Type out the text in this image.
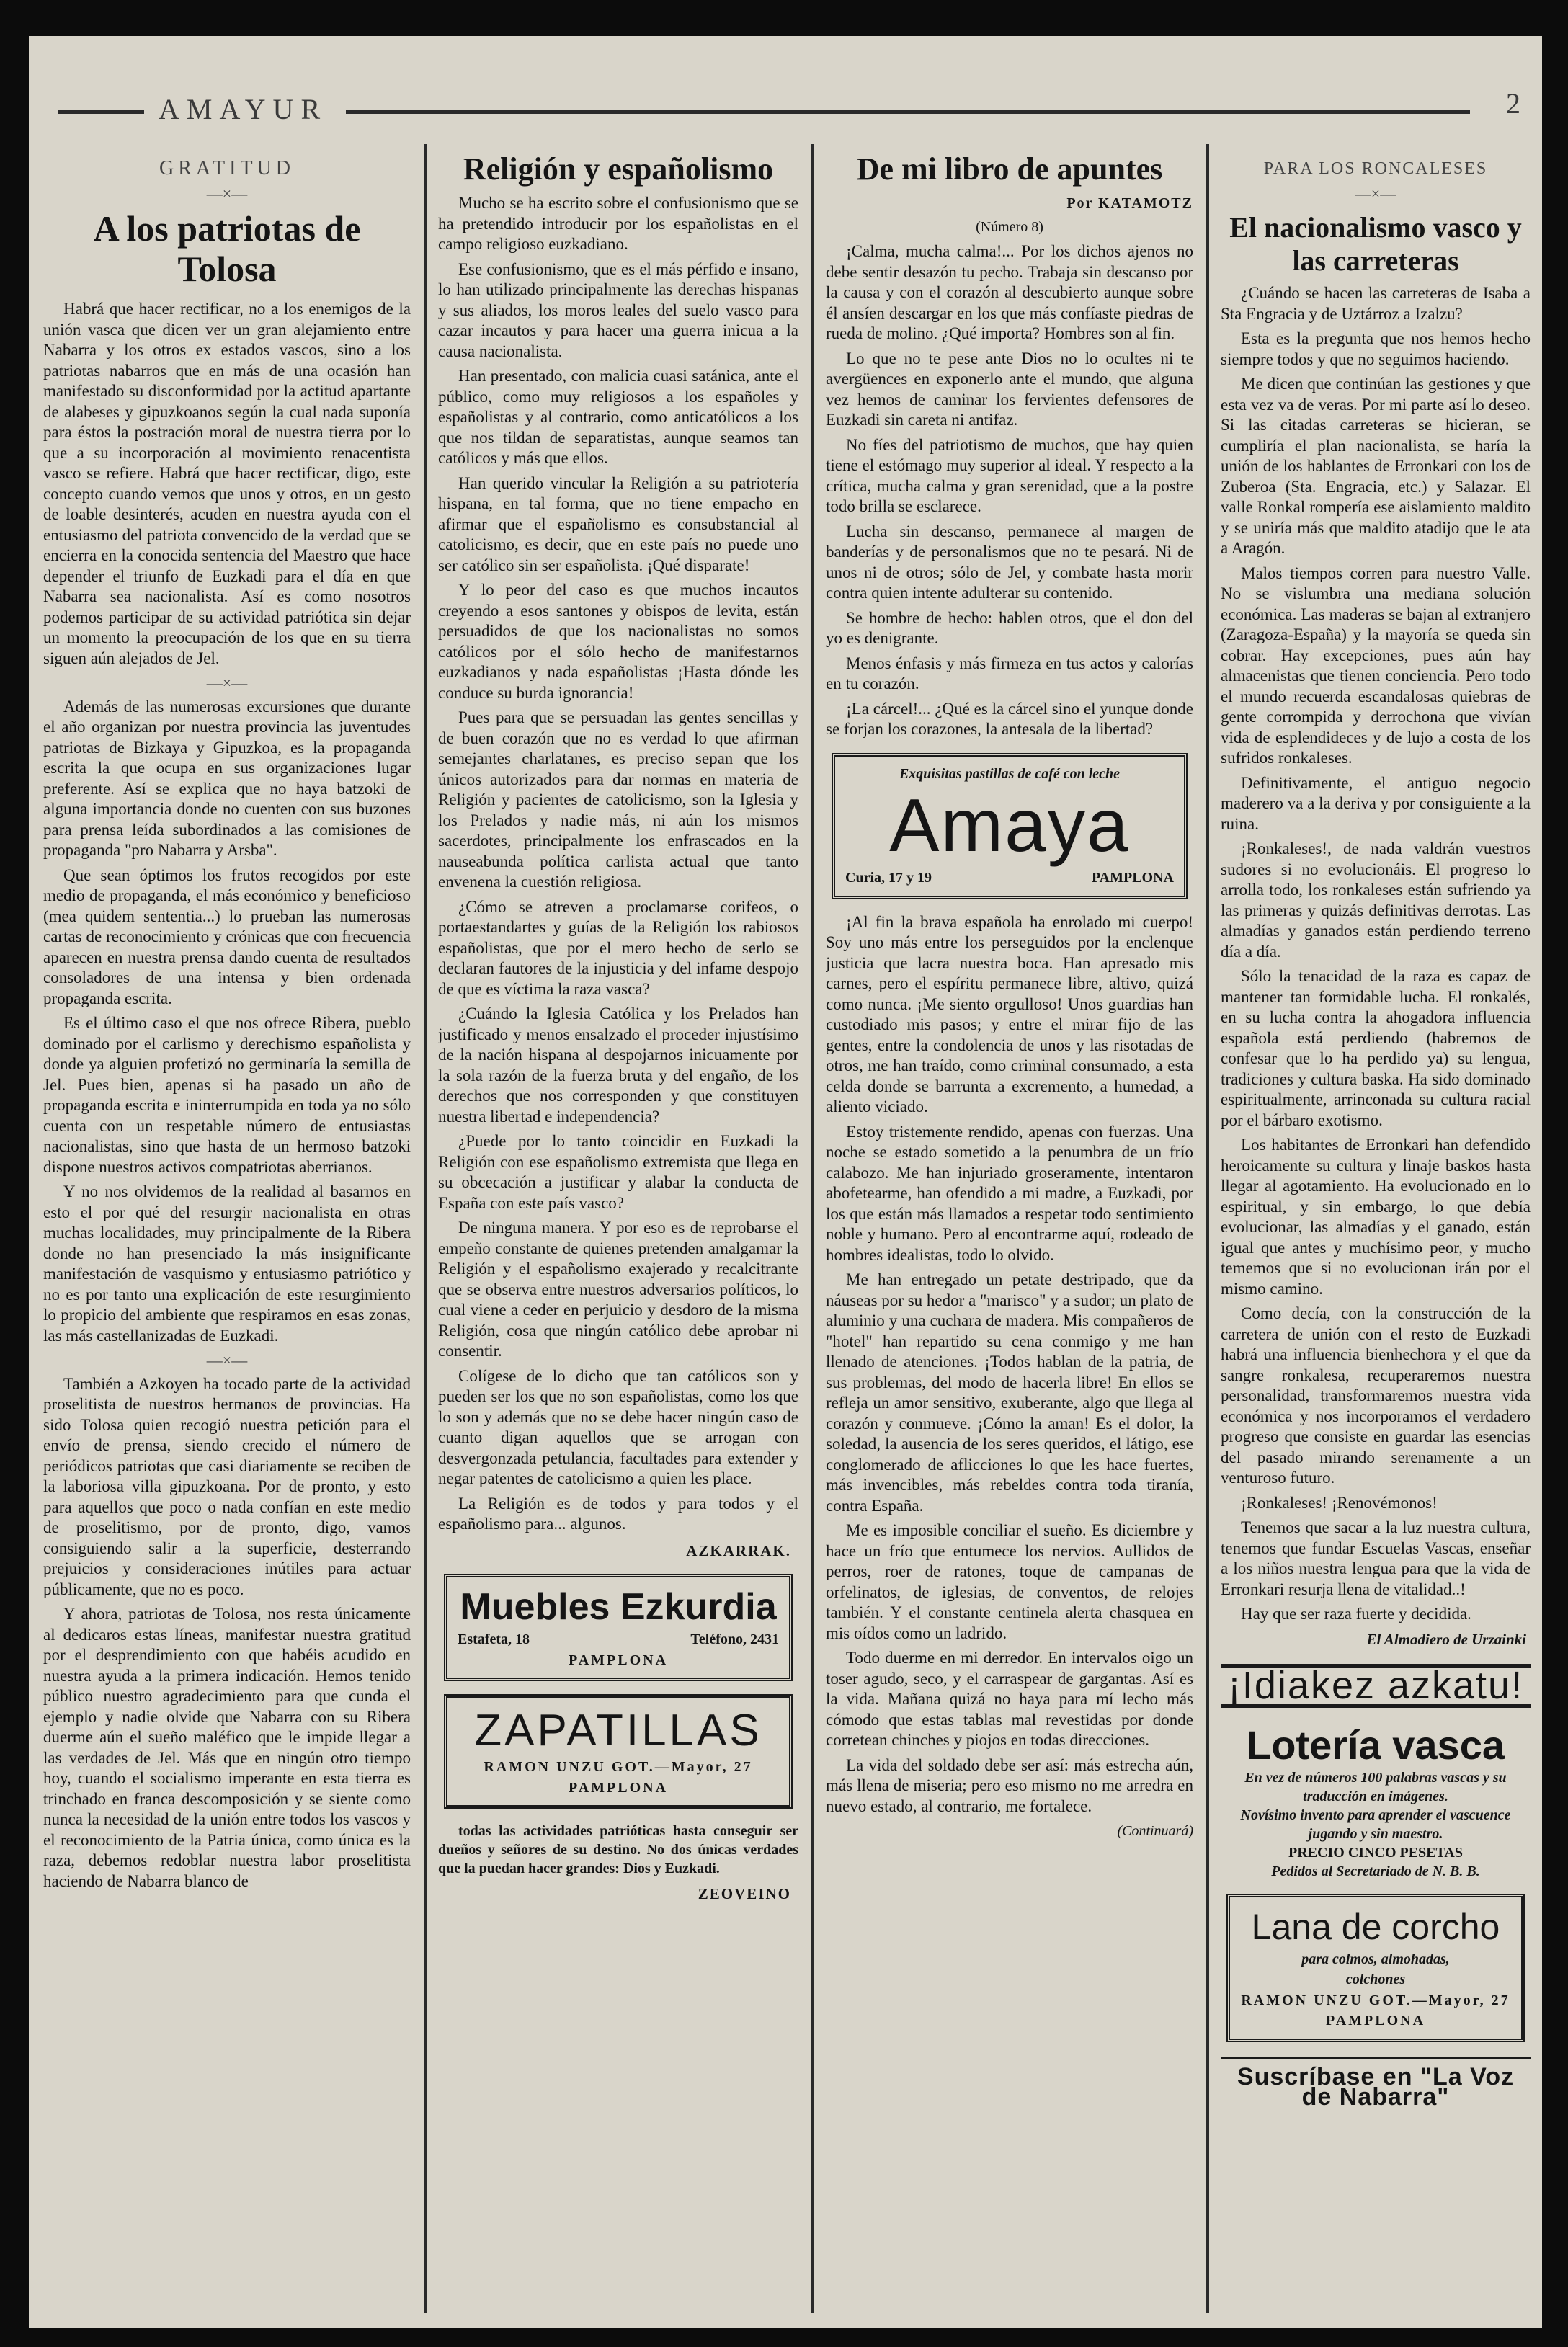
AMAYUR	2
GRATITUD
—×—
A los patriotas de Tolosa

Habrá que hacer rectificar, no a los enemigos de la unión vasca que dicen ver un gran alejamiento entre Nabarra y los otros ex estados vascos, sino a los patriotas nabarros que en más de una ocasión han manifestado su disconformidad por la actitud apartante de alabeses y gipuzkoanos según la cual nada suponía para éstos la postración moral de nuestra tierra por lo que a su incorporación al movimiento renacentista vasco se refiere. Habrá que hacer rectificar, digo, este concepto cuando vemos que unos y otros, en un gesto de loable desinterés, acuden en nuestra ayuda con el entusiasmo del patriota convencido de la verdad que se encierra en la conocida sentencia del Maestro que hace depender el triunfo de Euzkadi para el día en que Nabarra sea nacionalista. Así es como nosotros podemos participar de su actividad patriótica sin dejar un momento la preocupación de los que en su tierra siguen aún alejados de Jel.

—×—

Además de las numerosas excursiones que durante el año organizan por nuestra provincia las juventudes patriotas de Bizkaya y Gipuzkoa, es la propaganda escrita la que ocupa en sus organizaciones lugar preferente. Así se explica que no haya batzoki de alguna importancia donde no cuenten con sus buzones para prensa leída subordinados a las comisiones de propaganda "pro Nabarra y Arsba".

Que sean óptimos los frutos recogidos por este medio de propaganda, el más económico y beneficioso (mea quidem sententia...) lo prueban las numerosas cartas de reconocimiento y crónicas que con frecuencia aparecen en nuestra prensa dando cuenta de resultados consoladores de una intensa y bien ordenada propaganda escrita.

Es el último caso el que nos ofrece Ribera, pueblo dominado por el carlismo y derechismo españolista y donde ya alguien profetizó no germinaría la semilla de Jel. Pues bien, apenas si ha pasado un año de propaganda escrita e ininterrumpida en toda ya no sólo cuenta con un respetable número de entusiastas nacionalistas, sino que hasta de un hermoso batzoki dispone nuestros activos compatriotas aberrianos.

Y no nos olvidemos de la realidad al basarnos en esto el por qué del resurgir nacionalista en otras muchas localidades, muy principalmente de la Ribera donde no han presenciado la más insignificante manifestación de vasquismo y entusiasmo patriótico y no es por tanto una explicación de este resurgimiento lo propicio del ambiente que respiramos en esas zonas, las más castellanizadas de Euzkadi.

—×—

También a Azkoyen ha tocado parte de la actividad proselitista de nuestros hermanos de provincias. Ha sido Tolosa quien recogió nuestra petición para el envío de prensa, siendo crecido el número de periódicos patriotas que casi diariamente se reciben de la laboriosa villa gipuzkoana. Por de pronto, y esto para aquellos que poco o nada confían en este medio de proselitismo, por de pronto, digo, vamos consiguiendo salir a la superficie, desterrando prejuicios y consideraciones inútiles para actuar públicamente, que no es poco.

Y ahora, patriotas de Tolosa, nos resta únicamente al dedicaros estas líneas, manifestar nuestra gratitud por el desprendimiento con que habéis acudido en nuestra ayuda a la primera indicación. Hemos tenido público nuestro agradecimiento para que cunda el ejemplo y nadie olvide que Nabarra con su Ribera duerme aún el sueño maléfico que le impide llegar a las verdades de Jel. Más que en ningún otro tiempo hoy, cuando el socialismo imperante en esta tierra es trinchado en franca descomposición y se siente como nunca la necesidad de la unión entre todos los vascos y el reconocimiento de la Patria única, como única es la raza, debemos redoblar nuestra labor proselitista haciendo de Nabarra blanco de

Religión y españolismo

Mucho se ha escrito sobre el confusionismo que se ha pretendido introducir por los españolistas en el campo religioso euzkadiano.

Ese confusionismo, que es el más pérfido e insano, lo han utilizado principalmente las derechas hispanas y sus aliados, los moros leales del suelo vasco para cazar incautos y para hacer una guerra inicua a la causa nacionalista.

Han presentado, con malicia cuasi satánica, ante el público, como muy religiosos a los españoles y españolistas y al contrario, como anticatólicos a los que nos tildan de separatistas, aunque seamos tan católicos y más que ellos.

Han querido vincular la Religión a su patriotería hispana, en tal forma, que no tiene empacho en afirmar que el españolismo es consubstancial al catolicismo, es decir, que en este país no puede uno ser católico sin ser españolista. ¡Qué disparate!

Y lo peor del caso es que muchos incautos creyendo a esos santones y obispos de levita, están persuadidos de que los nacionalistas no somos católicos por el sólo hecho de manifestarnos euzkadianos y nada españolistas ¡Hasta dónde les conduce su burda ignorancia!

Pues para que se persuadan las gentes sencillas y de buen corazón que no es verdad lo que afirman semejantes charlatanes, es preciso sepan que los únicos autorizados para dar normas en materia de Religión y pacientes de catolicismo, son la Iglesia y los Prelados y nadie más, ni aún los mismos sacerdotes, principalmente los enfrascados en la nauseabunda política carlista actual que tanto envenena la cuestión religiosa.

¿Cómo se atreven a proclamarse corifeos, o portaestandartes y guías de la Religión los rabiosos españolistas, que por el mero hecho de serlo se declaran fautores de la injusticia y del infame despojo de que es víctima la raza vasca?

¿Cuándo la Iglesia Católica y los Prelados han justificado y menos ensalzado el proceder injustísimo de la nación hispana al despojarnos inicuamente por la sola razón de la fuerza bruta y del engaño, de los derechos que nos corresponden y que constituyen nuestra libertad e independencia?

¿Puede por lo tanto coincidir en Euzkadi la Religión con ese españolismo extremista que llega en su obcecación a justificar y alabar la conducta de España con este país vasco?

De ninguna manera. Y por eso es de reprobarse el empeño constante de quienes pretenden amalgamar la Religión y el españolismo exajerado y recalcitrante que se observa entre nuestros adversarios políticos, lo cual viene a ceder en perjuicio y desdoro de la misma Religión, cosa que ningún católico debe aprobar ni consentir.

Colígese de lo dicho que tan católicos son y pueden ser los que no son españolistas, como los que lo son y además que no se debe hacer ningún caso de cuanto digan aquellos que se arrogan con desvergonzada petulancia, facultades para extender y negar patentes de catolicismo a quien les place.

La Religión es de todos y para todos y el españolismo para... algunos.

AZKARRAK.
Muebles Ezkurdia
Estafeta, 18	Teléfono, 2431
PAMPLONA
ZAPATILLAS
RAMON UNZU GOT.—Mayor, 27
PAMPLONA

todas las actividades patrióticas hasta conseguir ser dueños y señores de su destino. No dos únicas verdades que la puedan hacer grandes: Dios y Euzkadi.

ZEOVEINO
De mi libro de apuntes
Por KATAMOTZ
(Número 8)

¡Calma, mucha calma!... Por los dichos ajenos no debe sentir desazón tu pecho. Trabaja sin descanso por la causa y con el corazón al descubierto aunque sobre él ansíen descargar en los que más confíaste piedras de rueda de molino. ¿Qué importa? Hombres son al fin.

Lo que no te pese ante Dios no lo ocultes ni te avergüences en exponerlo ante el mundo, que alguna vez hemos de caminar los fervientes defensores de Euzkadi sin careta ni antifaz.

No fíes del patriotismo de muchos, que hay quien tiene el estómago muy superior al ideal. Y respecto a la crítica, mucha calma y gran serenidad, que a la postre todo brilla se esclarece.

Lucha sin descanso, permanece al margen de banderías y de personalismos que no te pesará. Ni de unos ni de otros; sólo de Jel, y combate hasta morir contra quien intente adulterar su contenido.

Se hombre de hecho: hablen otros, que el don del yo es denigrante.

Menos énfasis y más firmeza en tus actos y calorías en tu corazón.

¡La cárcel!... ¿Qué es la cárcel sino el yunque donde se forjan los corazones, la antesala de la libertad?

Exquisitas pastillas de café con leche
Amaya
Curia, 17 y 19	PAMPLONA

¡Al fin la brava española ha enrolado mi cuerpo! Soy uno más entre los perseguidos por la enclenque justicia que lacra nuestra boca. Han apresado mis carnes, pero el espíritu permanece libre, altivo, quizá como nunca. ¡Me siento orgulloso! Unos guardias han custodiado mis pasos; y entre el mirar fijo de las gentes, entre la condolencia de unos y las risotadas de otros, me han traído, como criminal consumado, a esta celda donde se barrunta a excremento, a humedad, a aliento viciado.

Estoy tristemente rendido, apenas con fuerzas. Una noche se estado sometido a la penumbra de un frío calabozo. Me han injuriado groseramente, intentaron abofetearme, han ofendido a mi madre, a Euzkadi, por los que están más llamados a respetar todo sentimiento noble y humano. Pero al encontrarme aquí, rodeado de hombres idealistas, todo lo olvido.

Me han entregado un petate destripado, que da náuseas por su hedor a "marisco" y a sudor; un plato de aluminio y una cuchara de madera. Mis compañeros de "hotel" han repartido su cena conmigo y me han llenado de atenciones. ¡Todos hablan de la patria, de sus problemas, del modo de hacerla libre! En ellos se refleja un amor sensitivo, exuberante, algo que llega al corazón y conmueve. ¡Cómo la aman! Es el dolor, la soledad, la ausencia de los seres queridos, el látigo, ese conglomerado de aflicciones lo que les hace fuertes, más invencibles, más rebeldes contra toda tiranía, contra España.

Me es imposible conciliar el sueño. Es diciembre y hace un frío que entumece los nervios. Aullidos de perros, roer de ratones, toque de campanas de orfelinatos, de iglesias, de conventos, de relojes también. Y el constante centinela alerta chasquea en mis oídos como un ladrido.

Todo duerme en mi derredor. En intervalos oigo un toser agudo, seco, y el carraspear de gargantas. Así es la vida. Mañana quizá no haya para mí lecho más cómodo que estas tablas mal revestidas por donde corretean chinches y piojos en todas direcciones.

La vida del soldado debe ser así: más estrecha aún, más llena de miseria; pero eso mismo no me arredra en nuevo estado, al contrario, me fortalece.

(Continuará)
PARA LOS RONCALESES
—×—
El nacionalismo vasco y las carreteras

¿Cuándo se hacen las carreteras de Isaba a Sta Engracia y de Uztárroz a Izalzu?

Esta es la pregunta que nos hemos hecho siempre todos y que no seguimos haciendo.

Me dicen que continúan las gestiones y que esta vez va de veras. Por mi parte así lo deseo. Si las citadas carreteras se hicieran, se cumpliría el plan nacionalista, se haría la unión de los hablantes de Erronkari con los de Zuberoa (Sta. Engracia, etc.) y Salazar. El valle Ronkal rompería ese aislamiento maldito y se uniría más que maldito atadijo que le ata a Aragón.

Malos tiempos corren para nuestro Valle. No se vislumbra una mediana solución económica. Las maderas se bajan al extranjero (Zaragoza-España) y la mayoría se queda sin cobrar. Hay excepciones, pues aún hay almacenistas que tienen conciencia. Pero todo el mundo recuerda escandalosas quiebras de gente corrompida y derrochona que vivían vida de esplendideces y de lujo a costa de los sufridos ronkaleses.

Definitivamente, el antiguo negocio maderero va a la deriva y por consiguiente a la ruina.

¡Ronkaleses!, de nada valdrán vuestros sudores si no evolucionáis. El progreso lo arrolla todo, los ronkaleses están sufriendo ya las primeras y quizás definitivas derrotas. Las almadías y ganados están perdiendo terreno día a día.

Sólo la tenacidad de la raza es capaz de mantener tan formidable lucha. El ronkalés, en su lucha contra la ahogadora influencia española está perdiendo (habremos de confesar que lo ha perdido ya) su lengua, tradiciones y cultura baska. Ha sido dominado espiritualmente, arrinconada su cultura racial por el bárbaro exotismo.

Los habitantes de Erronkari han defendido heroicamente su cultura y linaje baskos hasta llegar al agotamiento. Ha evolucionado en lo espiritual, y sin embargo, lo que debía evolucionar, las almadías y el ganado, están igual que antes y muchísimo peor, y mucho tememos que si no evolucionan irán por el mismo camino.

Como decía, con la construcción de la carretera de unión con el resto de Euzkadi habrá una influencia bienhechora y el que da sangre ronkalesa, recuperaremos nuestra personalidad, transformaremos nuestra vida económica y nos incorporamos el verdadero progreso que consiste en guardar las esencias del pasado mirando serenamente a un venturoso futuro.

¡Ronkaleses! ¡Renovémonos!

Tenemos que sacar a la luz nuestra cultura, tenemos que fundar Escuelas Vascas, enseñar a los niños nuestra lengua para que la vida de Erronkari resurja llena de vitalidad..!

Hay que ser raza fuerte y decidida.

El Almadiero de Urzainki
¡Idiakez azkatu!
Lotería vasca
En vez de números 100 palabras vascas y su traducción en imágenes.
Novísimo invento para aprender el vascuence jugando y sin maestro.
PRECIO CINCO PESETAS
Pedidos al Secretariado de N. B. B.
Lana de corcho
para colmos, almohadas,
colchones
RAMON UNZU GOT.—Mayor, 27
PAMPLONA
Suscríbase en "La Voz de Nabarra"
